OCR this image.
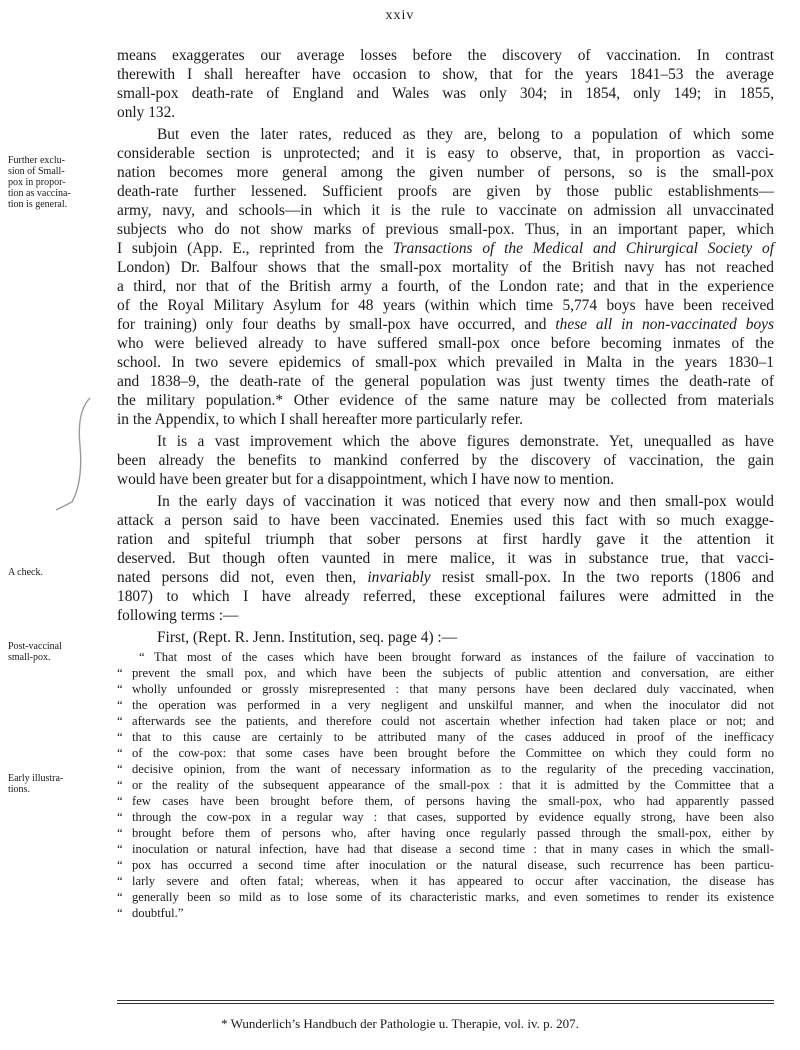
xxiv
Further exclu-
sion of Small-
pox in propor-
tion as vaccina-
tion is general.
A check.
Post-vaccinal
small-pox.
Early illustra-
tions.
means exaggerates our average losses before the discovery of vaccination. In contrast
therewith I shall hereafter have occasion to show, that for the years 1841–53 the average
small-pox death-rate of England and Wales was only 304; in 1854, only 149; in 1855,
only 132.
But even the later rates, reduced as they are, belong to a population of which some
considerable section is unprotected; and it is easy to observe, that, in proportion as vacci-
nation becomes more general among the given number of persons, so is the small-pox
death-rate further lessened. Sufficient proofs are given by those public establishments—
army, navy, and schools—in which it is the rule to vaccinate on admission all unvaccinated
subjects who do not show marks of previous small-pox. Thus, in an important paper, which
I subjoin (App. E., reprinted from the Transactions of the Medical and Chirurgical Society of
London) Dr. Balfour shows that the small-pox mortality of the British navy has not reached
a third, nor that of the British army a fourth, of the London rate; and that in the experience
of the Royal Military Asylum for 48 years (within which time 5,774 boys have been received
for training) only four deaths by small-pox have occurred, and these all in non-vaccinated boys
who were believed already to have suffered small-pox once before becoming inmates of the
school. In two severe epidemics of small-pox which prevailed in Malta in the years 1830–1
and 1838–9, the death-rate of the general population was just twenty times the death-rate of
the military population.* Other evidence of the same nature may be collected from materials
in the Appendix, to which I shall hereafter more particularly refer.
It is a vast improvement which the above figures demonstrate. Yet, unequalled as have
been already the benefits to mankind conferred by the discovery of vaccination, the gain
would have been greater but for a disappointment, which I have now to mention.
In the early days of vaccination it was noticed that every now and then small-pox would
attack a person said to have been vaccinated. Enemies used this fact with so much exagge-
ration and spiteful triumph that sober persons at first hardly gave it the attention it
deserved. But though often vaunted in mere malice, it was in substance true, that vacci-
nated persons did not, even then, invariably resist small-pox. In the two reports (1806 and
1807) to which I have already referred, these exceptional failures were admitted in the
following terms :—
First, (Rept. R. Jenn. Institution, seq. page 4) :—
“ That most of the cases which have been brought forward as instances of the failure of vaccination to
“ prevent the small pox, and which have been the subjects of public attention and conversation, are either
“ wholly unfounded or grossly misrepresented : that many persons have been declared duly vaccinated, when
“ the operation was performed in a very negligent and unskilful manner, and when the inoculator did not
“ afterwards see the patients, and therefore could not ascertain whether infection had taken place or not; and
“ that to this cause are certainly to be attributed many of the cases adduced in proof of the inefficacy
“ of the cow-pox: that some cases have been brought before the Committee on which they could form no
“ decisive opinion, from the want of necessary information as to the regularity of the preceding vaccination,
“ or the reality of the subsequent appearance of the small-pox : that it is admitted by the Committee that a
“ few cases have been brought before them, of persons having the small-pox, who had apparently passed
“ through the cow-pox in a regular way : that cases, supported by evidence equally strong, have been also
“ brought before them of persons who, after having once regularly passed through the small-pox, either by
“ inoculation or natural infection, have had that disease a second time : that in many cases in which the small-
“ pox has occurred a second time after inoculation or the natural disease, such recurrence has been particu-
“ larly severe and often fatal; whereas, when it has appeared to occur after vaccination, the disease has
“ generally been so mild as to lose some of its characteristic marks, and even sometimes to render its existence
“ doubtful.”
* Wunderlich’s Handbuch der Pathologie u. Therapie, vol. iv. p. 207.
